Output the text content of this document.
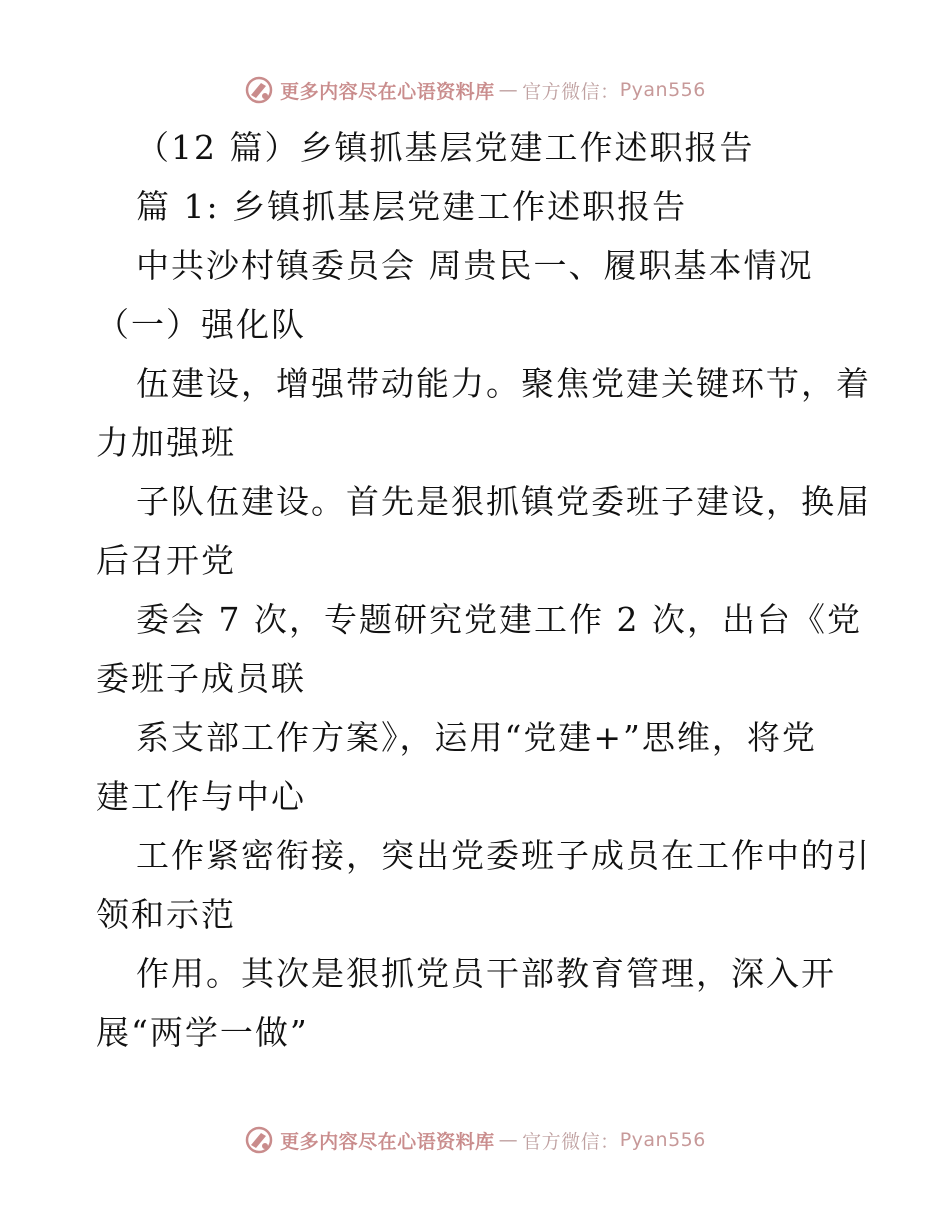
更多内容尽在心语资料库 — 官方微信： Pyan556
（12 篇）乡镇抓基层党建工作述职报告
篇 1: 乡镇抓基层党建工作述职报告
中共沙村镇委员会 周贵民一、履职基本情况
（一）强化队
伍建设，增强带动能力。聚焦党建关键环节，着
力加强班
子队伍建设。首先是狠抓镇党委班子建设，换届
后召开党
委会 7 次，专题研究党建工作 2 次，出台《党
委班子成员联
系支部工作方案》，运用“党建+”思维，将党
建工作与中心
工作紧密衔接，突出党委班子成员在工作中的引
领和示范
作用。其次是狠抓党员干部教育管理，深入开
展“两学一做”
更多内容尽在心语资料库 — 官方微信： Pyan556
